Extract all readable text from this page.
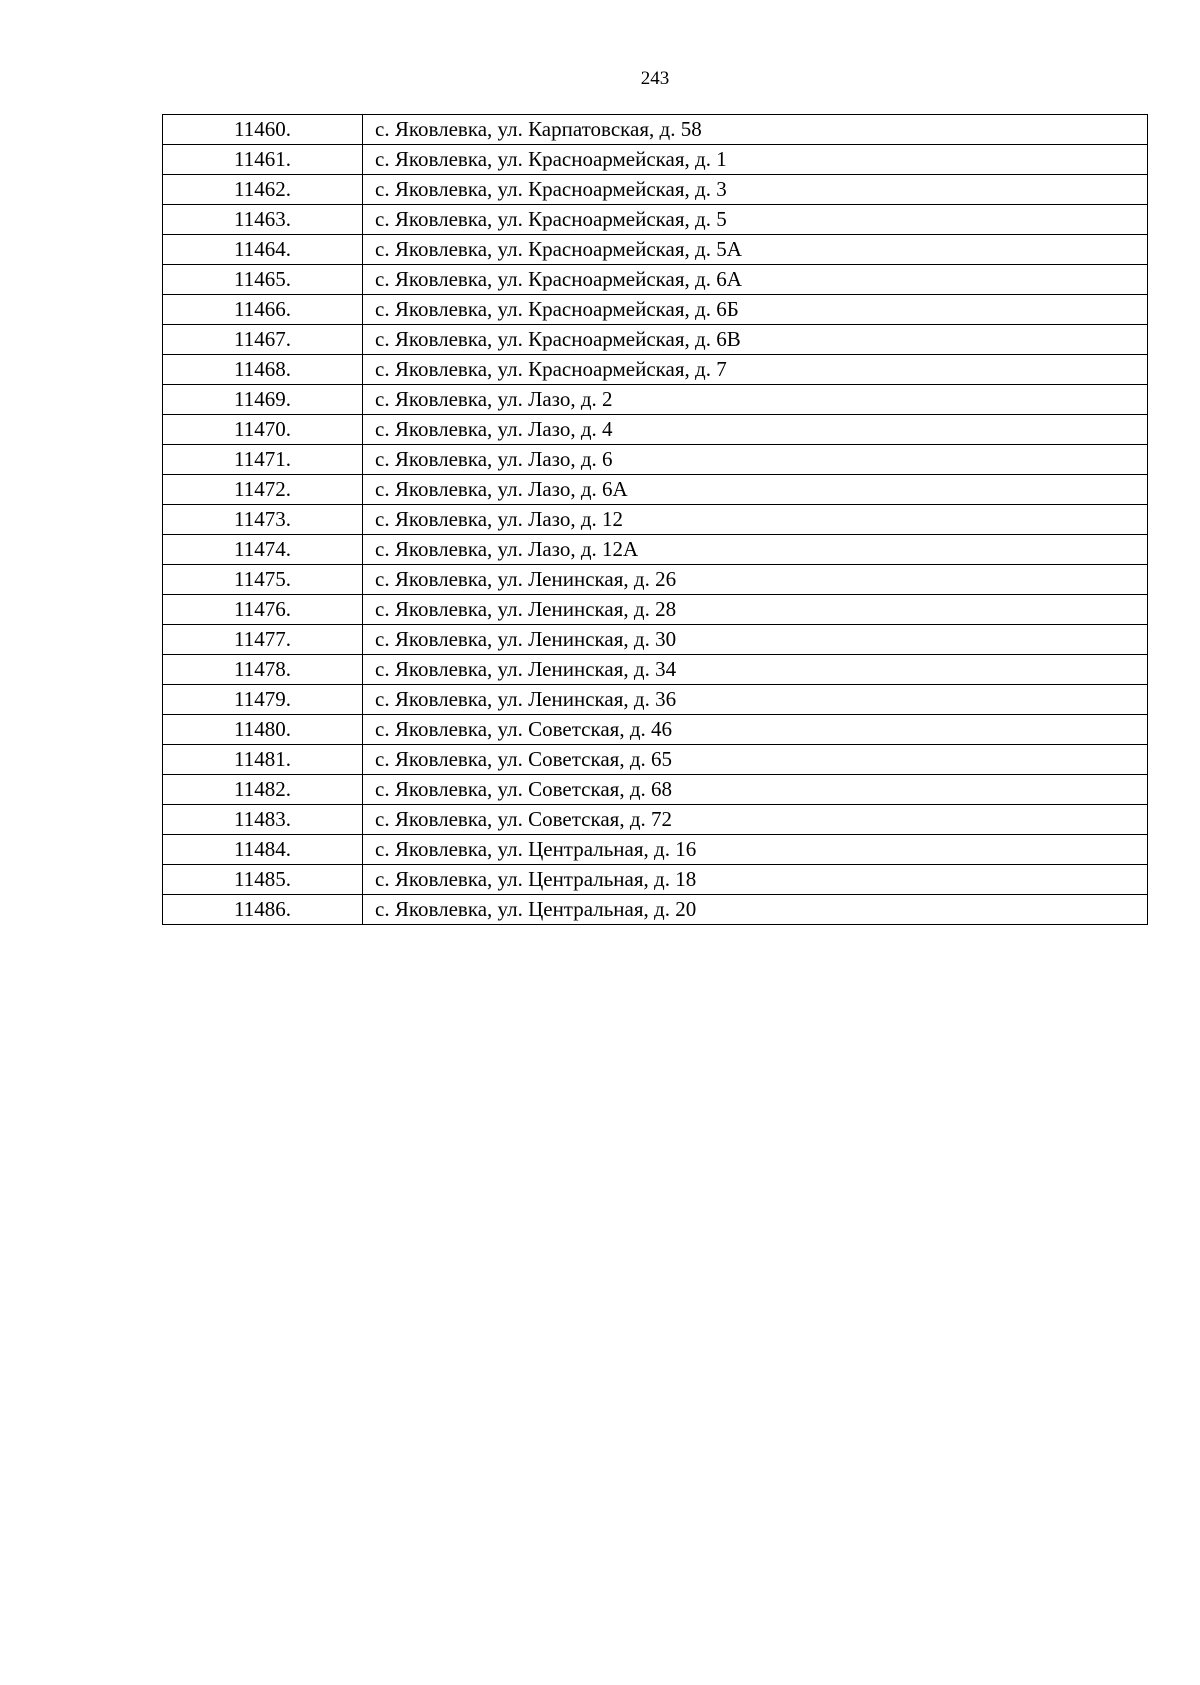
243
11460.	с. Яковлевка, ул. Карпатовская, д. 58
11461.	с. Яковлевка, ул. Красноармейская, д. 1
11462.	с. Яковлевка, ул. Красноармейская, д. 3
11463.	с. Яковлевка, ул. Красноармейская, д. 5
11464.	с. Яковлевка, ул. Красноармейская, д. 5А
11465.	с. Яковлевка, ул. Красноармейская, д. 6А
11466.	с. Яковлевка, ул. Красноармейская, д. 6Б
11467.	с. Яковлевка, ул. Красноармейская, д. 6В
11468.	с. Яковлевка, ул. Красноармейская, д. 7
11469.	с. Яковлевка, ул. Лазо, д. 2
11470.	с. Яковлевка, ул. Лазо, д. 4
11471.	с. Яковлевка, ул. Лазо, д. 6
11472.	с. Яковлевка, ул. Лазо, д. 6А
11473.	с. Яковлевка, ул. Лазо, д. 12
11474.	с. Яковлевка, ул. Лазо, д. 12А
11475.	с. Яковлевка, ул. Ленинская, д. 26
11476.	с. Яковлевка, ул. Ленинская, д. 28
11477.	с. Яковлевка, ул. Ленинская, д. 30
11478.	с. Яковлевка, ул. Ленинская, д. 34
11479.	с. Яковлевка, ул. Ленинская, д. 36
11480.	с. Яковлевка, ул. Советская, д. 46
11481.	с. Яковлевка, ул. Советская, д. 65
11482.	с. Яковлевка, ул. Советская, д. 68
11483.	с. Яковлевка, ул. Советская, д. 72
11484.	с. Яковлевка, ул. Центральная, д. 16
11485.	с. Яковлевка, ул. Центральная, д. 18
11486.	с. Яковлевка, ул. Центральная, д. 20
